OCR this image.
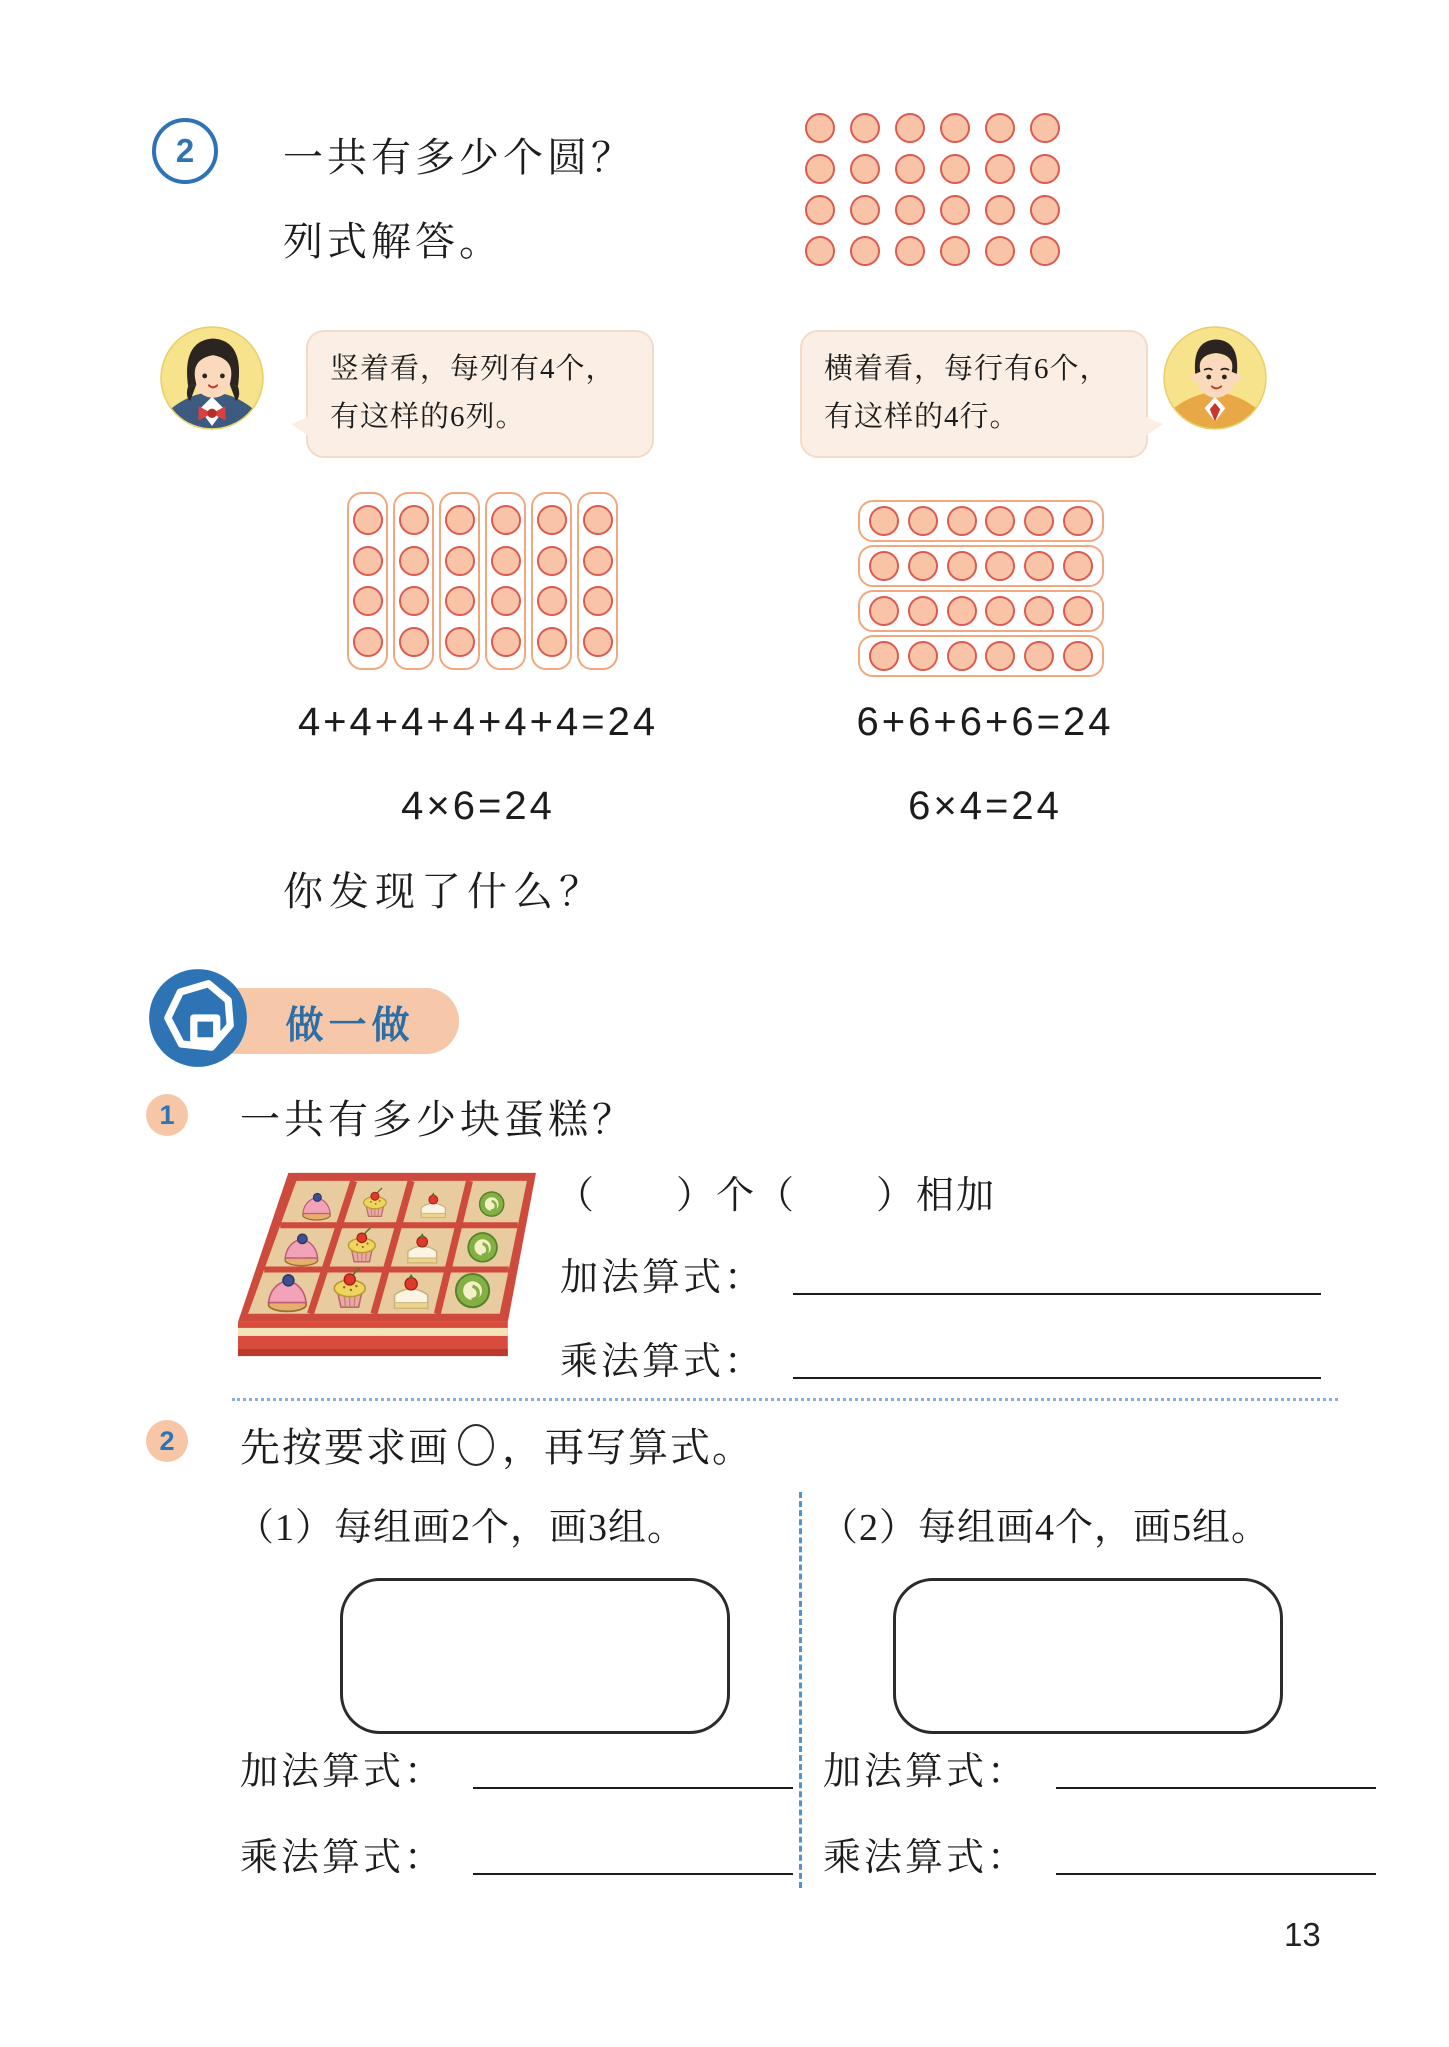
2	一共有多少个圆？
列式解答。
竖着看，每列有4个，
有这样的6列。
横着看，每行有6个，
有这样的4行。
4+4+4+4+4+4=24	6+6+6+6=24
4×6=24	6×4=24
你发现了什么？
做一做
1	一共有多少块蛋糕？
（　　）个（　　）相加
加法算式：
乘法算式：
2	先按要求画 ，再写算式。
（1）每组画2个，画3组。	（2）每组画4个，画5组。
加法算式：
乘法算式：
加法算式：
乘法算式：
13
